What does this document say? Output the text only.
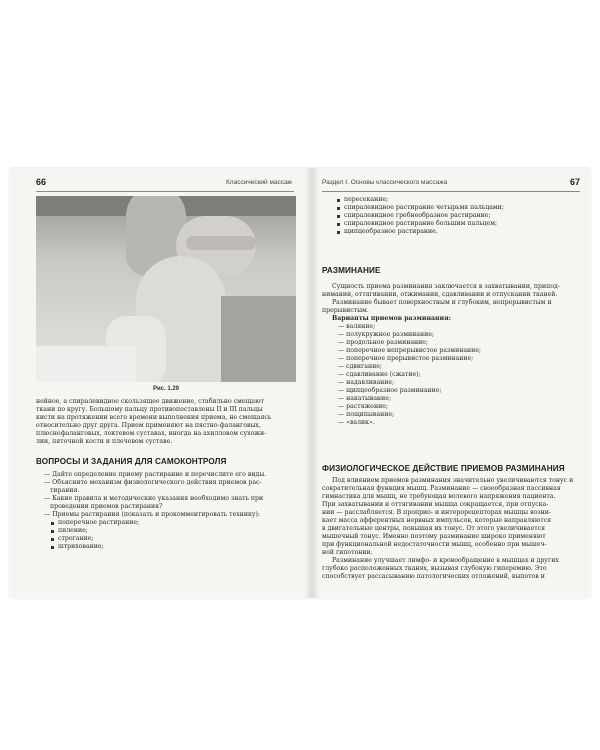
66	Классический массаж
Рис. 1.29
нейное, а спиралевидное скользящее движение, стабильно смещают
ткани по кругу. Большому пальцу противопоставлены II и III пальцы
кисти на протяжении всего времени выполнения приема, не смещаясь
относительно друг друга. Прием применяют на пястно-фаланговых,
плюснефаланговых, локтевом суставах, иногда на ахилловом сухожи-
лии, пяточной кости и плечевом суставе.
ВОПРОСЫ И ЗАДАНИЯ ДЛЯ САМОКОНТРОЛЯ
— Дайте определение приему растирание и перечислите его виды.
— Объясните механизм физиологического действия приемов рас-
тирания.
— Какие правила и методические указания необходимо знать при
проведении приемов растирания?
— Приемы растирания (показать и прокомментировать технику):
поперечное растирание;
пиление;
строгание;
штрихование;
Раздел I. Основы классического массажа	67
пересекание;
спиралевидное растирание четырьмя пальцами;
спиралевидное гребнеобразное растирание;
спиралевидное растирание большим пальцем;
щипцеобразное растирание.
РАЗМИНАНИЕ
Сущность приема разминания заключается в захватывании, припод-
нимании, оттягивании, отжимании, сдавливании и отпускании тканей.
Разминание бывает поверхностным и глубоким, непрерывистым и
прерывистым.
Варианты приемов разминания:
— валяние;
— полукружное разминание;
— продольное разминание;
— поперечное непрерывистое разминание;
— поперечное прерывистое разминание;
— сдвигание;
— сдавливание (сжатие);
— надавливание;
— щипцеобразное разминание;
— накатывание;
— растяжение;
— пощипывание;
— «валик».
ФИЗИОЛОГИЧЕСКОЕ ДЕЙСТВИЕ ПРИЕМОВ РАЗМИНАНИЯ
Под влиянием приемов разминания значительно увеличиваются тонус и
сократительная функция мышц. Разминание — своеобразная пассивная
гимнастика для мышц, не требующая волевого напряжения пациента.
При захватывании и оттягивании мышца сокращается, при отпуска-
нии — расслабляется. В проприо- и интерорецепторах мышцы возни-
кает масса афферентных нервных импульсов, которые направляются
в двигательные центры, повышая их тонус. От этого увеличивается
мышечный тонус. Именно поэтому разминание широко применяют
при функциональной недостаточности мышц, особенно при мышеч-
ной гипотонии.
Разминание улучшает лимфо- и кровообращение в мышцах и других
глубоко расположенных тканях, вызывая глубокую гиперемию. Это
способствует рассасыванию патологических отложений, выпотов и
